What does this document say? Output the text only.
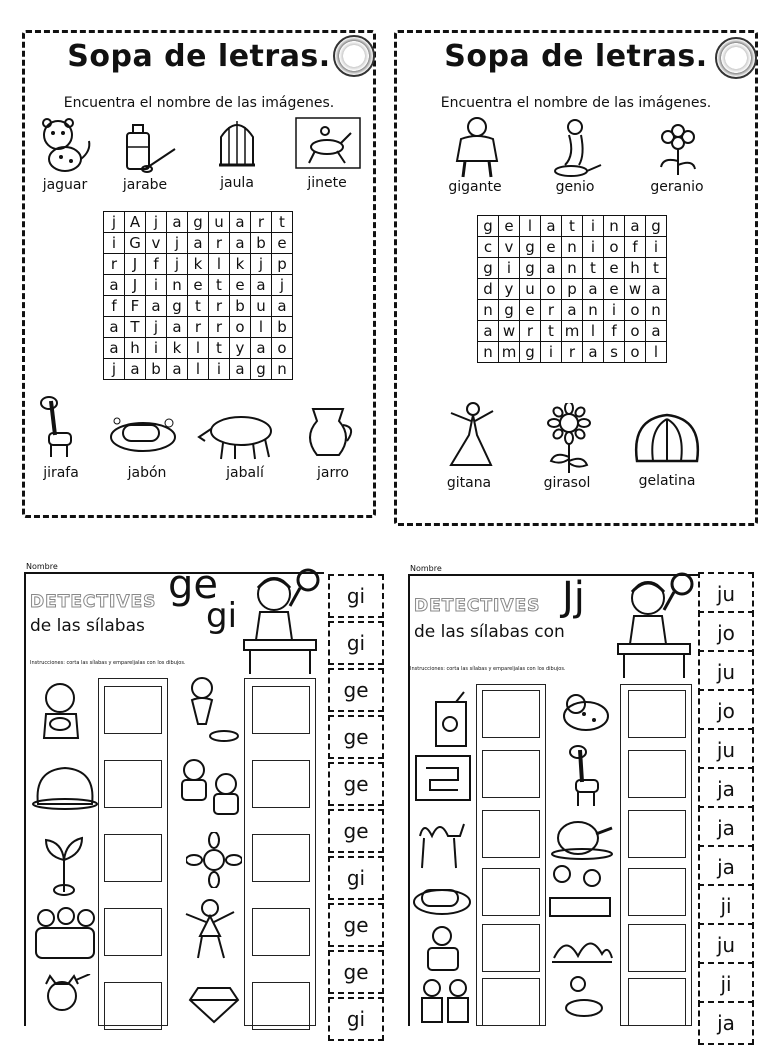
Sopa de letras.
Encuentra el nombre de las imágenes.
jaguar	jarabe	jaula	jinete
j	A	j	a	g	u	a	r	t
i	G	v	j	a	r	a	b	e
r	J	f	j	k	l	k	j	p
a	J	i	n	e	t	e	a	j
f	F	a	g	t	r	b	u	a
a	T	j	a	r	r	o	l	b
a	h	i	k	l	t	y	a	o
j	a	b	a	l	i	a	g	n
jirafa	jabón	jabalí	jarro
Sopa de letras.
Encuentra el nombre de las imágenes.
gigante	genio	geranio
g	e	l	a	t	i	n	a	g
c	v	g	e	n	i	o	f	i
g	i	g	a	n	t	e	h	t
d	y	u	o	p	a	e	w	a
n	g	e	r	a	n	i	o	n
a	w	r	t	m	l	f	o	a
n	m	g	i	r	a	s	o	l
gitana	girasol	gelatina
Nombre
DETECTIVES
de las sílabas
ge
gi
Instrucciones: corta las sílabas y empareljalas con los dibujos.
gi
gi
ge
ge
ge
ge
gi
ge
ge
gi
Nombre
DETECTIVES
de las sílabas con
Jj
Instrucciones: corta las sílabas y empareljalas con los dibujos.
ju
jo
ju
jo
ju
ja
ja
ja
ji
ju
ji
ja
